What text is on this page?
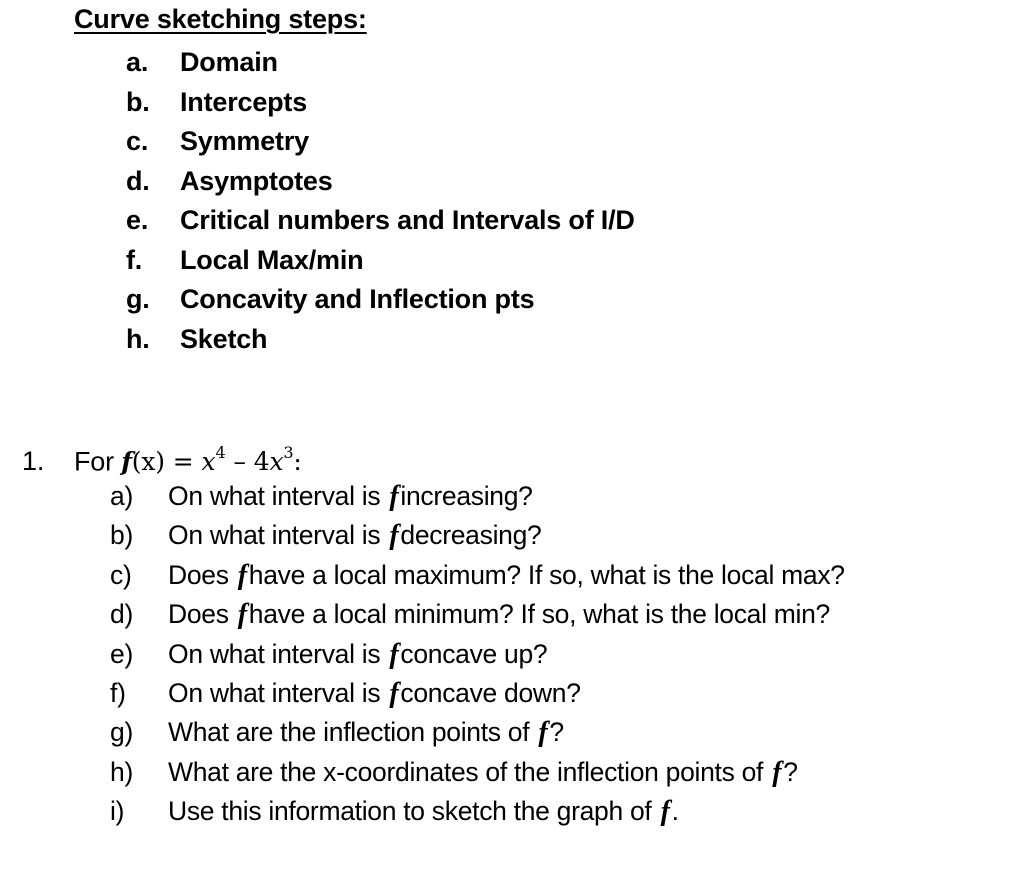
Curve sketching steps:
a. Domain
b. Intercepts
c. Symmetry
d. Asymptotes
e. Critical numbers and Intervals of I/D
f. Local Max/min
g. Concavity and Inflection pts
h. Sketch
1. For $f(x) = x^4 - 4x^3$:
a) On what interval is fincreasing?
b) On what interval is fdecreasing?
c) Does fhave a local maximum? If so, what is the local max?
d) Does fhave a local minimum? If so, what is the local min?
e) On what interval is fconcave up?
f) On what interval is fconcave down?
g) What are the inflection points of f?
h) What are the x-coordinates of the inflection points of f?
i) Use this information to sketch the graph of f.
